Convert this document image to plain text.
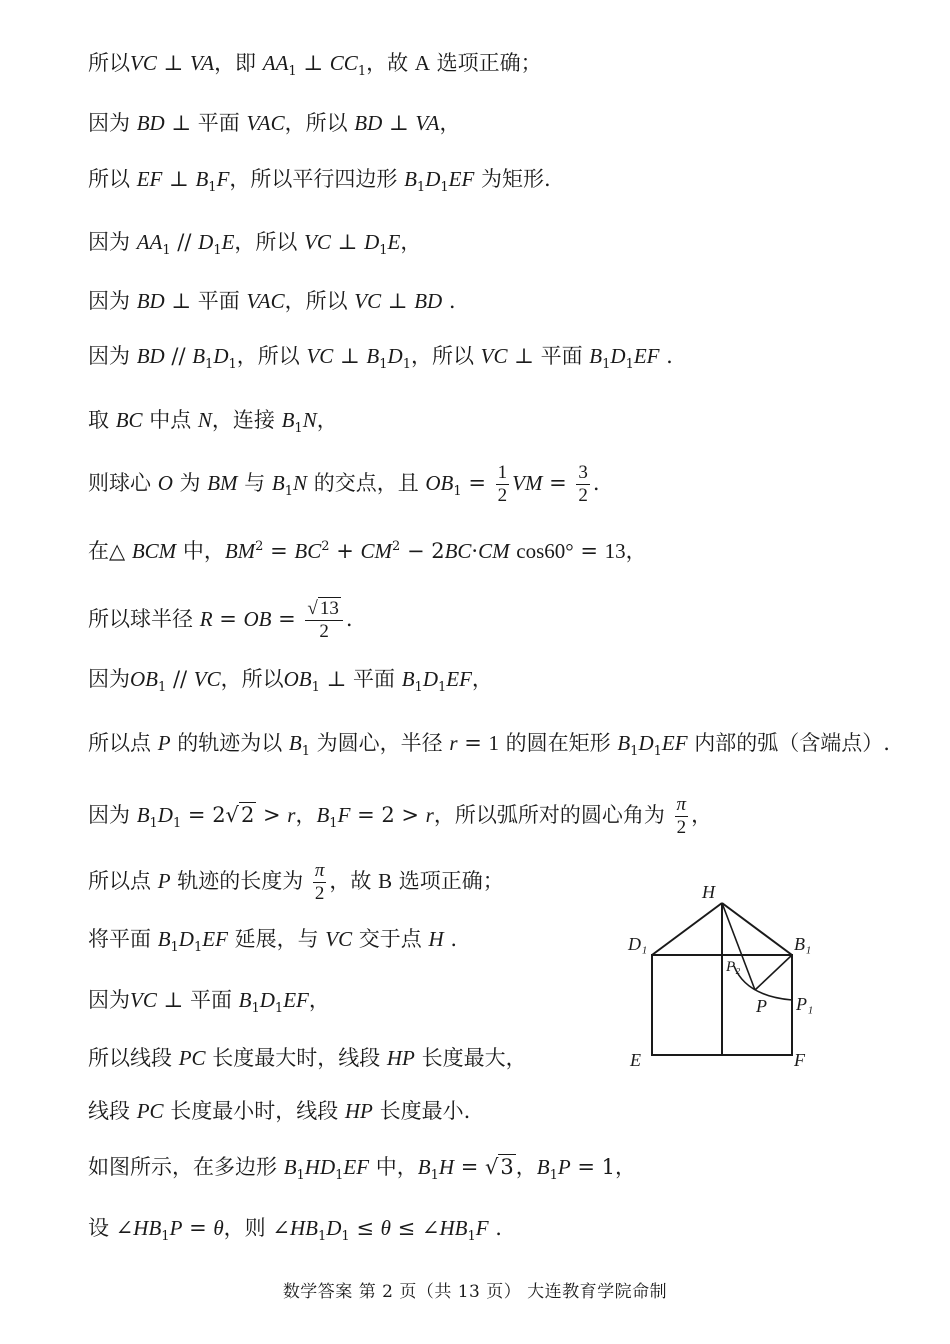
所以VC ⊥ VA，即 $AA_1$ ⊥ $CC_1$，故 A 选项正确；
因为 BD ⊥ 平面 VAC，所以 BD ⊥ VA，
所以 EF ⊥ $B_1F$，所以平行四边形 $B_1D_1EF$ 为矩形.
因为 $AA_1 // D_1E$，所以 VC ⊥ $D_1E$，
因为 BD ⊥ 平面 VAC，所以 VC ⊥ BD .
因为 BD // $B_1D_1$，所以 VC ⊥ $B_1D_1$，所以 VC ⊥ 平面 $B_1D_1EF$ .
取 BC 中点 N，连接 $B_1N$，
则球心 O 为 BM 与 $B_1N$ 的交点，且 $OB_1 = \frac{1}{2}$ VM = $\frac{3}{2}$ .
在△ BCM 中，$BM^2 = BC^2 + CM^2 - 2BC\cdot CM$ cos60° = 13，
所以球半径 R = OB = $\frac{√ 13}{2}$ .
因为$OB_1$ // VC，所以$OB_1$ ⊥ 平面 $B_1D_1EF$，
所以点 P 的轨迹为以 $B_1$ 为圆心，半径 r = 1 的圆在矩形 $B_1D_1EF$ 内部的弧（含端点）.
因为 $B_1D_1 = 2√2 > r$，$B_1F = 2 > r$，所以弧所对的圆心角为 $\frac{\pi}{2}$ ，
所以点 P 轨迹的长度为 $\frac{\pi}{2}$ ，故 B 选项正确；
将平面 $B_1D_1EF$ 延展，与 VC 交于点 H .
因为VC ⊥ 平面 $B_1D_1EF$，
所以线段 PC 长度最大时，线段 HP 长度最大，
线段 PC 长度最小时，线段 HP 长度最小.
如图所示，在多边形 $B_1HD_1EF$ 中，$B_1H = √3$，$B_1P = 1$，
设 $\angle HB_1P = \theta$，则 $\angle HB_1D_1 \le \theta$ ≤ $\angle HB_1F$ .
H
D₁	B₁
P₂
P P₁
E	F
数学答案 第 2 页（共 13 页） 大连教育学院命制
